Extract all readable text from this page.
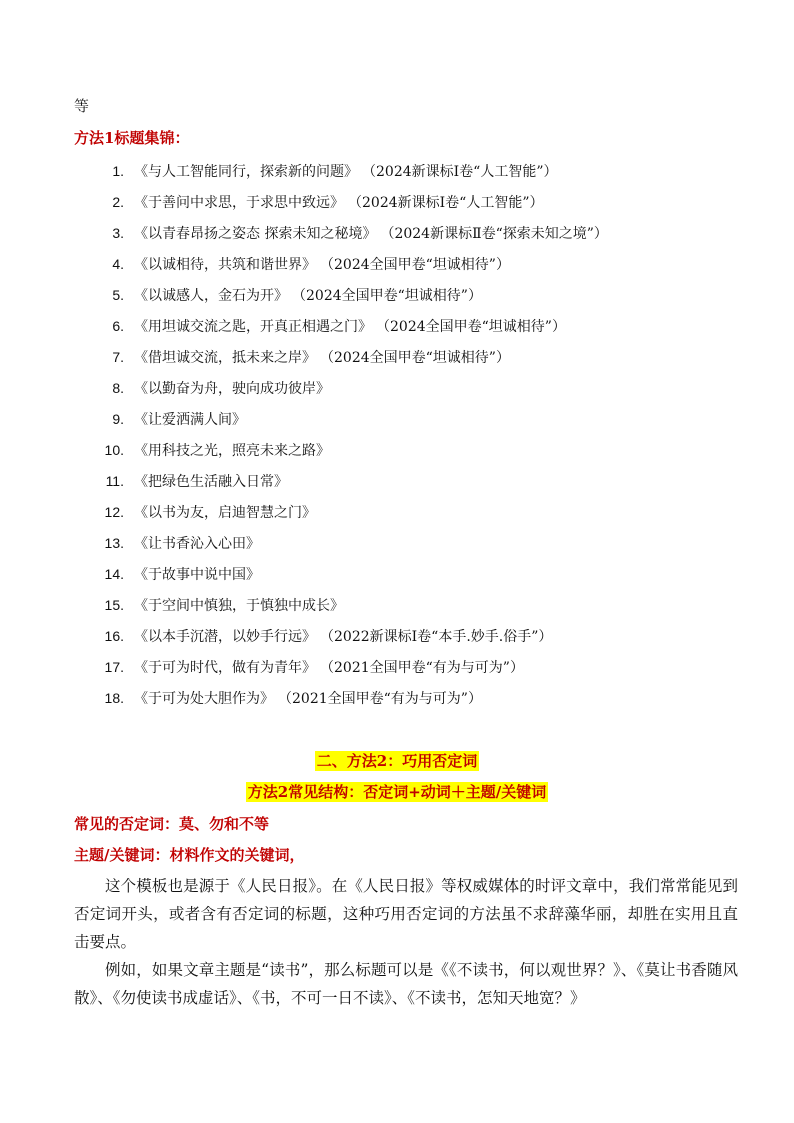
等
方法1标题集锦：
1. 《与人工智能同行，探索新的问题》 （2024新课标Ⅰ卷“人工智能”）
2. 《于善问中求思，于求思中致远》 （2024新课标Ⅰ卷“人工智能”）
3. 《以青春昂扬之姿态 探索未知之秘境》 （2024新课标Ⅱ卷“探索未知之境”）
4. 《以诚相待，共筑和谐世界》 （2024全国甲卷“坦诚相待”）
5. 《以诚感人，金石为开》 （2024全国甲卷“坦诚相待”）
6. 《用坦诚交流之匙，开真正相遇之门》 （2024全国甲卷“坦诚相待”）
7. 《借坦诚交流，抵未来之岸》 （2024全国甲卷“坦诚相待”）
8. 《以勤奋为舟，驶向成功彼岸》
9. 《让爱洒满人间》
10. 《用科技之光，照亮未来之路》
11. 《把绿色生活融入日常》
12. 《以书为友，启迪智慧之门》
13. 《让书香沁入心田》
14. 《于故事中说中国》
15. 《于空间中慎独，于慎独中成长》
16. 《以本手沉潜，以妙手行远》 （2022新课标Ⅰ卷“本手.妙手.俗手”）
17. 《于可为时代，做有为青年》 （2021全国甲卷“有为与可为”）
18. 《于可为处大胆作为》 （2021全国甲卷“有为与可为”）
二、方法2：巧用否定词
方法2常见结构：否定词+动词＋主题/关键词
常见的否定词：莫、勿和不等
主题/关键词：材料作文的关键词，
这个模板也是源于《人民日报》。在《人民日报》等权威媒体的时评文章中，我们常常能见到否定词开头，或者含有否定词的标题，这种巧用否定词的方法虽不求辞藻华丽，却胜在实用且直击要点。
例如，如果文章主题是“读书”，那么标题可以是《《不读书，何以观世界？》、《莫让书香随风散》、《勿使读书成虚话》、《书，不可一日不读》、《不读书，怎知天地宽？》
